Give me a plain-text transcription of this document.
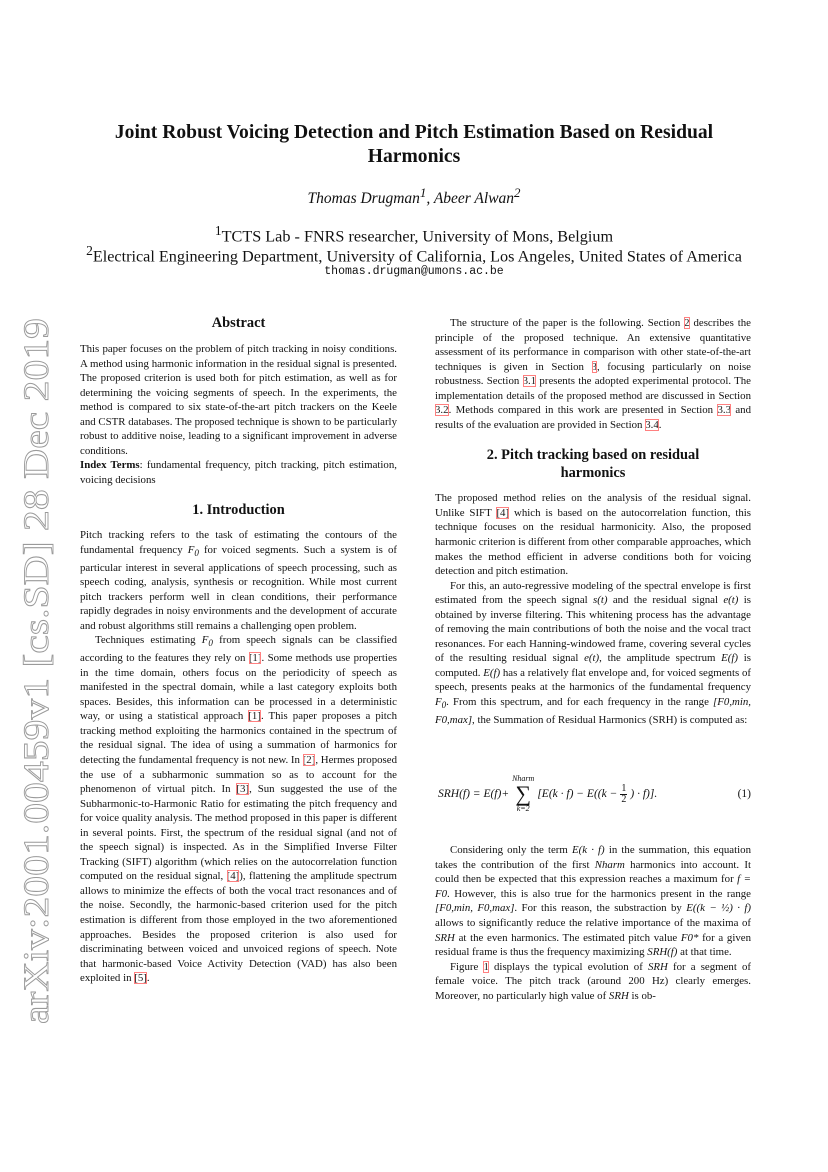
arXiv:2001.00459v1 [cs.SD] 28 Dec 2019
Joint Robust Voicing Detection and Pitch Estimation Based on Residual Harmonics
Thomas Drugman$^1$, Abeer Alwan$^2$
$^1$TCTS Lab - FNRS researcher, University of Mons, Belgium
$^2$Electrical Engineering Department, University of California, Los Angeles, United States of America
thomas.drugman@umons.ac.be
Abstract

This paper focuses on the problem of pitch tracking in noisy conditions. A method using harmonic information in the residual signal is presented. The proposed criterion is used both for pitch estimation, as well as for determining the voicing segments of speech. In the experiments, the method is compared to six state-of-the-art pitch trackers on the Keele and CSTR databases. The proposed technique is shown to be particularly robust to additive noise, leading to a significant improvement in adverse conditions.

Index Terms: fundamental frequency, pitch tracking, pitch estimation, voicing decisions

1. Introduction

Pitch tracking refers to the task of estimating the contours of the fundamental frequency $F_0$ for voiced segments. Such a system is of particular interest in several applications of speech processing, such as speech coding, analysis, synthesis or recognition. While most current pitch trackers perform well in clean conditions, their performance rapidly degrades in noisy environments and the development of accurate and robust algorithms still remains a challenging open problem.

Techniques estimating $F_0$ from speech signals can be classified according to the features they rely on [1]. Some methods use properties in the time domain, others focus on the periodicity of speech as manifested in the spectral domain, while a last category exploits both spaces. Besides, this information can be processed in a deterministic way, or using a statistical approach [1]. This paper proposes a pitch tracking method exploiting the harmonics contained in the spectrum of the residual signal. The idea of using a summation of harmonics for detecting the fundamental frequency is not new. In [2], Hermes proposed the use of a subharmonic summation so as to account for the phenomenon of virtual pitch. In [3], Sun suggested the use of the Subharmonic-to-Harmonic Ratio for estimating the pitch frequency and for voice quality analysis. The method proposed in this paper is different in several points. First, the spectrum of the residual signal (and not of the speech signal) is inspected. As in the Simplified Inverse Filter Tracking (SIFT) algorithm (which relies on the autocorrelation function computed on the residual signal, [4]), flattening the amplitude spectrum allows to minimize the effects of both the vocal tract resonances and of the noise. Secondly, the harmonic-based criterion used for the pitch estimation is different from those employed in the two aforementioned approaches. Besides the proposed criterion is also used for discriminating between voiced and unvoiced regions of speech. Note that harmonic-based Voice Activity Detection (VAD) has also been exploited in [5].

The structure of the paper is the following. Section 2 describes the principle of the proposed technique. An extensive quantitative assessment of its performance in comparison with other state-of-the-art techniques is given in Section 3, focusing particularly on noise robustness. Section 3.1 presents the adopted experimental protocol. The implementation details of the proposed method are discussed in Section 3.2. Methods compared in this work are presented in Section 3.3 and results of the evaluation are provided in Section 3.4.

2. Pitch tracking based on residual harmonics

The proposed method relies on the analysis of the residual signal. Unlike SIFT [4] which is based on the autocorrelation function, this technique focuses on the residual harmonicity. Also, the proposed harmonic criterion is different from other comparable approaches, which makes the method efficient in adverse conditions both for voicing detection and pitch estimation.

For this, an auto-regressive modeling of the spectral envelope is first estimated from the speech signal s(t) and the residual signal e(t) is obtained by inverse filtering. This whitening process has the advantage of removing the main contributions of both the noise and the vocal tract resonances. For each Hanning-windowed frame, covering several cycles of the resulting residual signal e(t), the amplitude spectrum E(f) is computed. E(f) has a relatively flat envelope and, for voiced segments of speech, presents peaks at the harmonics of the fundamental frequency $F_0$. From this spectrum, and for each frequency in the range [F0,min, F0,max], the Summation of Residual Harmonics (SRH) is computed as:

SRH(f) = E(f)+
Nharm
∑
k=2
[$E(k \cdot f) - E((k - \frac{1}{2}$ ) · f)].	(1)

Considering only the term E(k · f) in the summation, this equation takes the contribution of the first Nharm harmonics into account. It could then be expected that this expression reaches a maximum for f = F0. However, this is also true for the harmonics present in the range [F0,min, F0,max]. For this reason, the substraction by E((k − ½) · f) allows to significantly reduce the relative importance of the maxima of SRH at the even harmonics. The estimated pitch value F0* for a given residual frame is thus the frequency maximizing SRH(f) at that time.

Figure 1 displays the typical evolution of SRH for a segment of female voice. The pitch track (around 200 Hz) clearly emerges. Moreover, no particularly high value of SRH is ob-
